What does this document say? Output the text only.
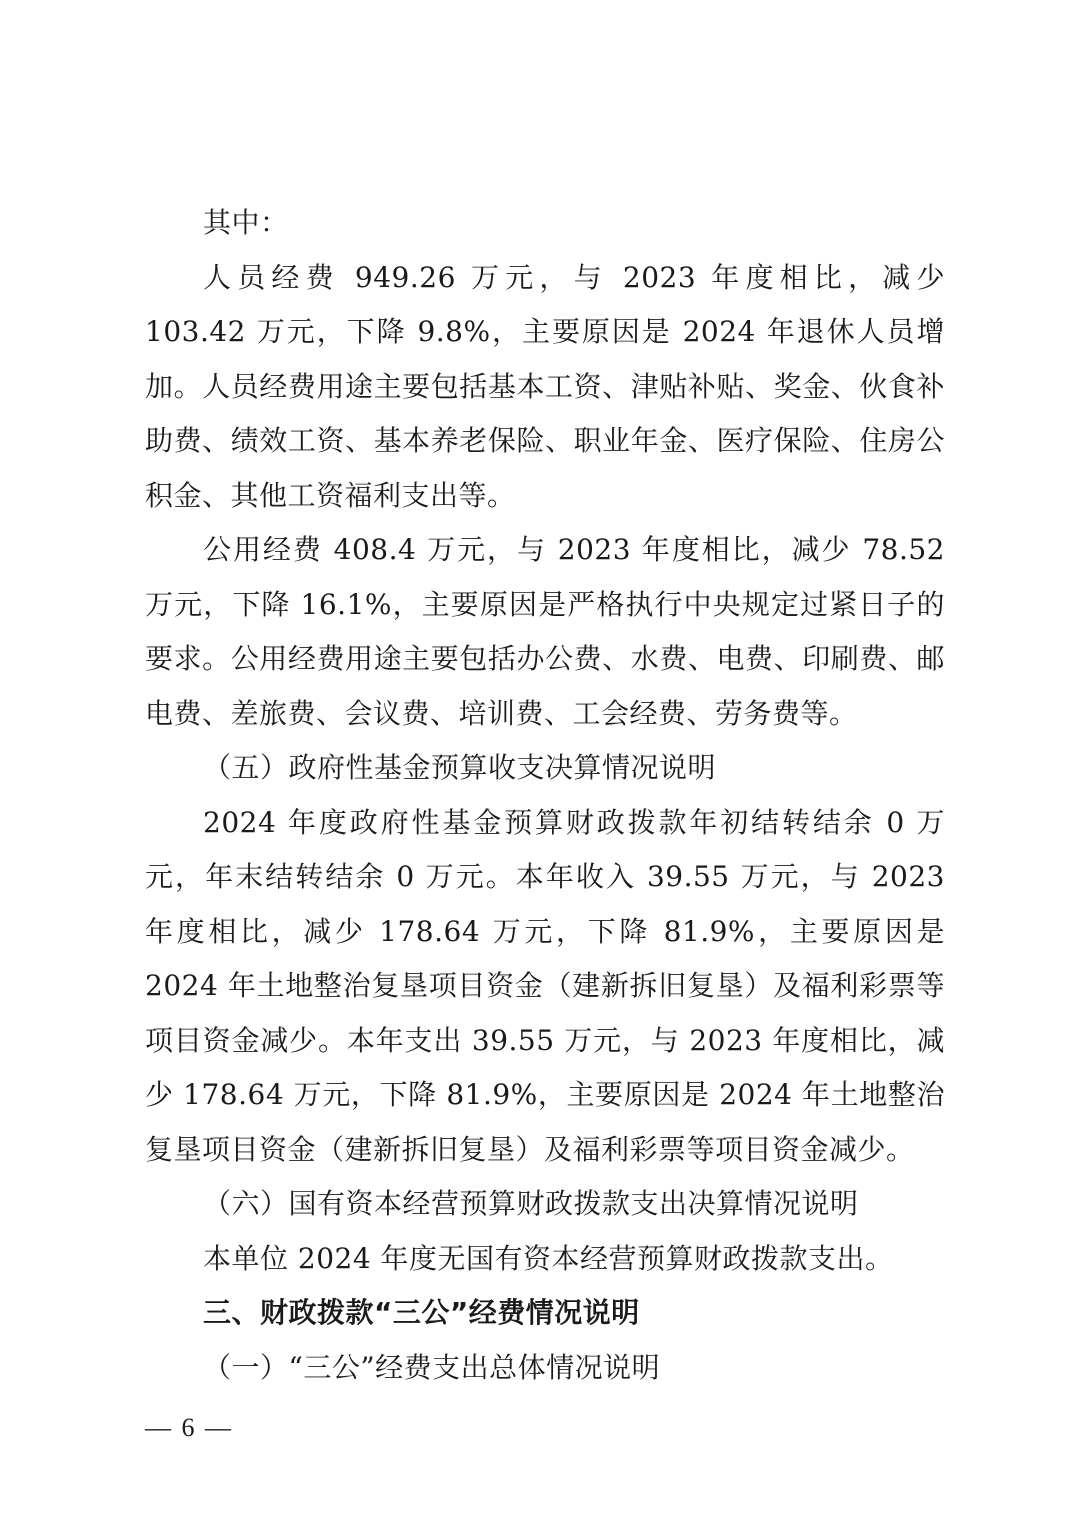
其中：

人员经费 949.26 万元，与 2023 年度相比，减少 103.42 万元，下降 9.8%，主要原因是 2024 年退休人员增加。人员经费用途主要包括基本工资、津贴补贴、奖金、伙食补助费、绩效工资、基本养老保险、职业年金、医疗保险、住房公积金、其他工资福利支出等。

公用经费 408.4 万元，与 2023 年度相比，减少 78.52 万元，下降 16.1%，主要原因是严格执行中央规定过紧日子的要求。公用经费用途主要包括办公费、水费、电费、印刷费、邮电费、差旅费、会议费、培训费、工会经费、劳务费等。

（五）政府性基金预算收支决算情况说明

2024 年度政府性基金预算财政拨款年初结转结余 0 万元，年末结转结余 0 万元。本年收入 39.55 万元，与 2023 年度相比，减少 178.64 万元，下降 81.9%，主要原因是 2024 年土地整治复垦项目资金（建新拆旧复垦）及福利彩票等项目资金减少。本年支出 39.55 万元，与 2023 年度相比，减少 178.64 万元，下降 81.9%，主要原因是 2024 年土地整治复垦项目资金（建新拆旧复垦）及福利彩票等项目资金减少。

（六）国有资本经营预算财政拨款支出决算情况说明

本单位 2024 年度无国有资本经营预算财政拨款支出。

三、财政拨款“三公”经费情况说明

（一）“三公”经费支出总体情况说明

— 6 —
